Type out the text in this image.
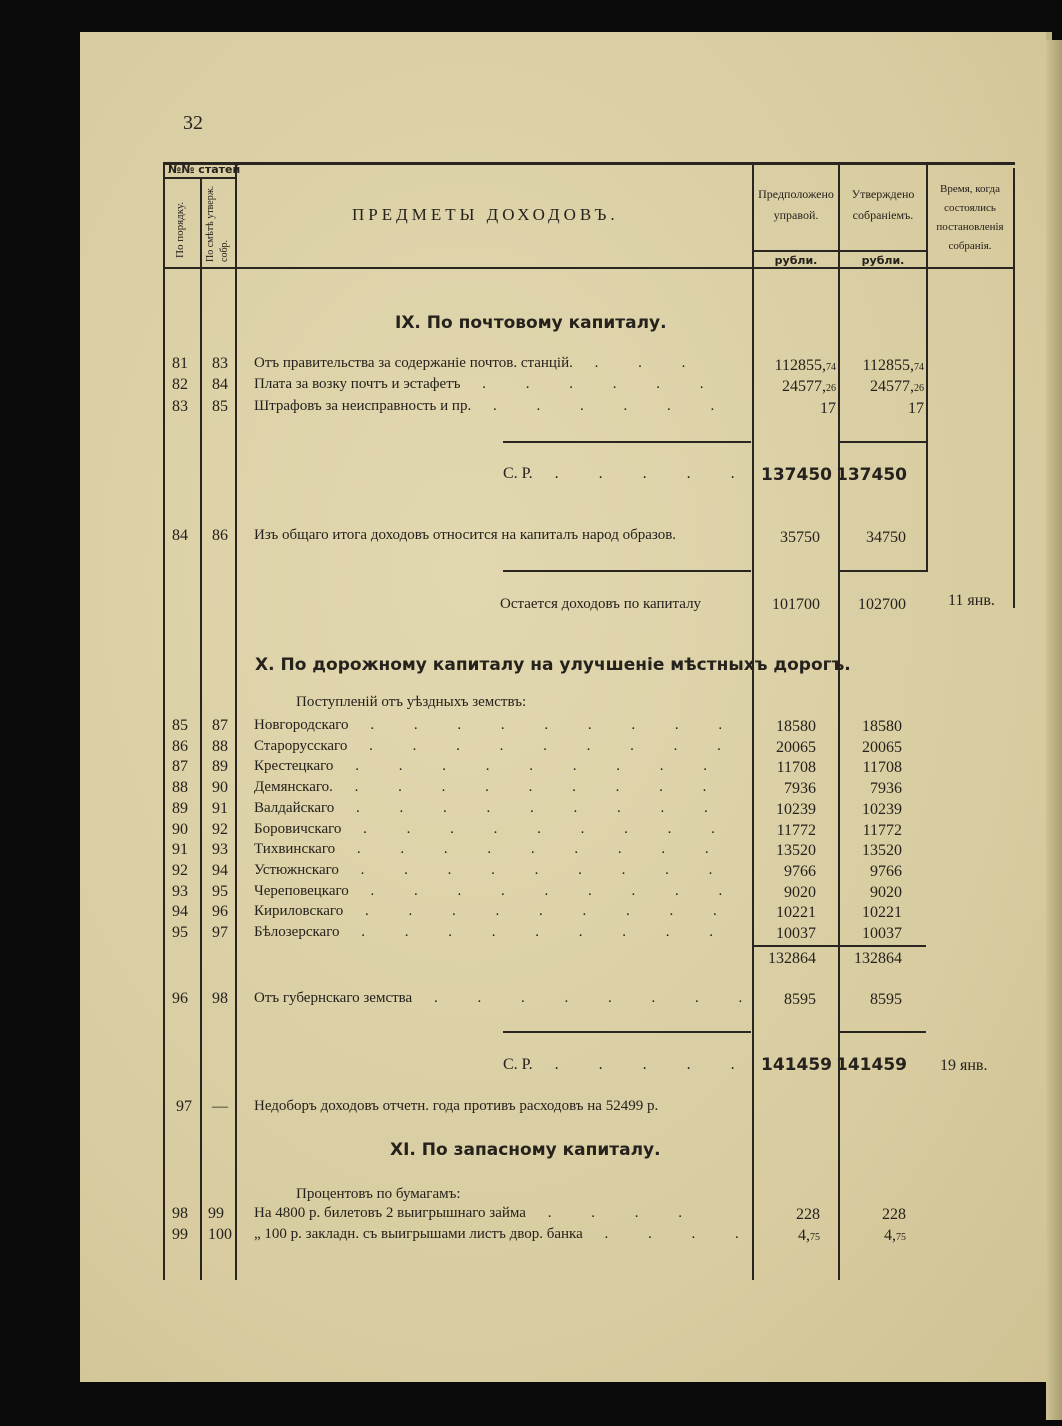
32
№№ статей
По порядку. По смѣтѣ утверж. собр.
ПРЕДМЕТЫ ДОХОДОВЪ.
Предположено управой.
Утверждено собраніемъ.
Время, когда состоялись постановленія собранія.
рубли.	рубли.
IX. По почтовому капиталу.
81 83 Отъ правительства за содержаніе почтов. станцій. . . .	112855,74	112855,74
82 84 Плата за возку почтъ и эстафетъ . . . . . .	24577,26	24577,26
83 85 Штрафовъ за неисправность и пр. . . . . . .	17	17
С. Р. . . . . . 137450 137450
84 86 Изъ общаго итога доходовъ относится на капиталъ народ образов.	35750	34750
Остается доходовъ по капиталу	101700	102700	11 янв.
X. По дорожному капиталу на улучшеніе мѣстныхъ дорогъ.
Поступленій отъ уѣздныхъ земствъ:
85 87 Новгородскаго . . . . . . . . .	18580	18580
86 88 Старорусскаго . . . . . . . . .	20065	20065
87 89 Крестецкаго . . . . . . . . .	11708	11708
88 90 Демянскаго. . . . . . . . . .	7936	7936
89 91 Валдайскаго . . . . . . . . .	10239	10239
90 92 Боровичскаго . . . . . . . . .	11772	11772
91 93 Тихвинскаго . . . . . . . . .	13520	13520
92 94 Устюжнскаго . . . . . . . . .	9766	9766
93 95 Череповецкаго . . . . . . . . .	9020	9020
94 96 Кириловскаго . . . . . . . . .	10221	10221
95 97 Бѣлозерскаго . . . . . . . . .	10037	10037
132864	132864
96 98 Отъ губернскаго земства . . . . . . . .	8595	8595
С. Р. . . . . . 141459 141459 19 янв.
97 — Недоборъ доходовъ отчетн. года противъ расходовъ на 52499 р.
XI. По запасному капиталу.
Процентовъ по бумагамъ:
98 99 На 4800 р. билетовъ 2 выигрышнаго займа . . . .	228	228
99 100 „ 100 р. закладн. съ выигрышами листъ двор. банка . . . .	4,75	4,75
